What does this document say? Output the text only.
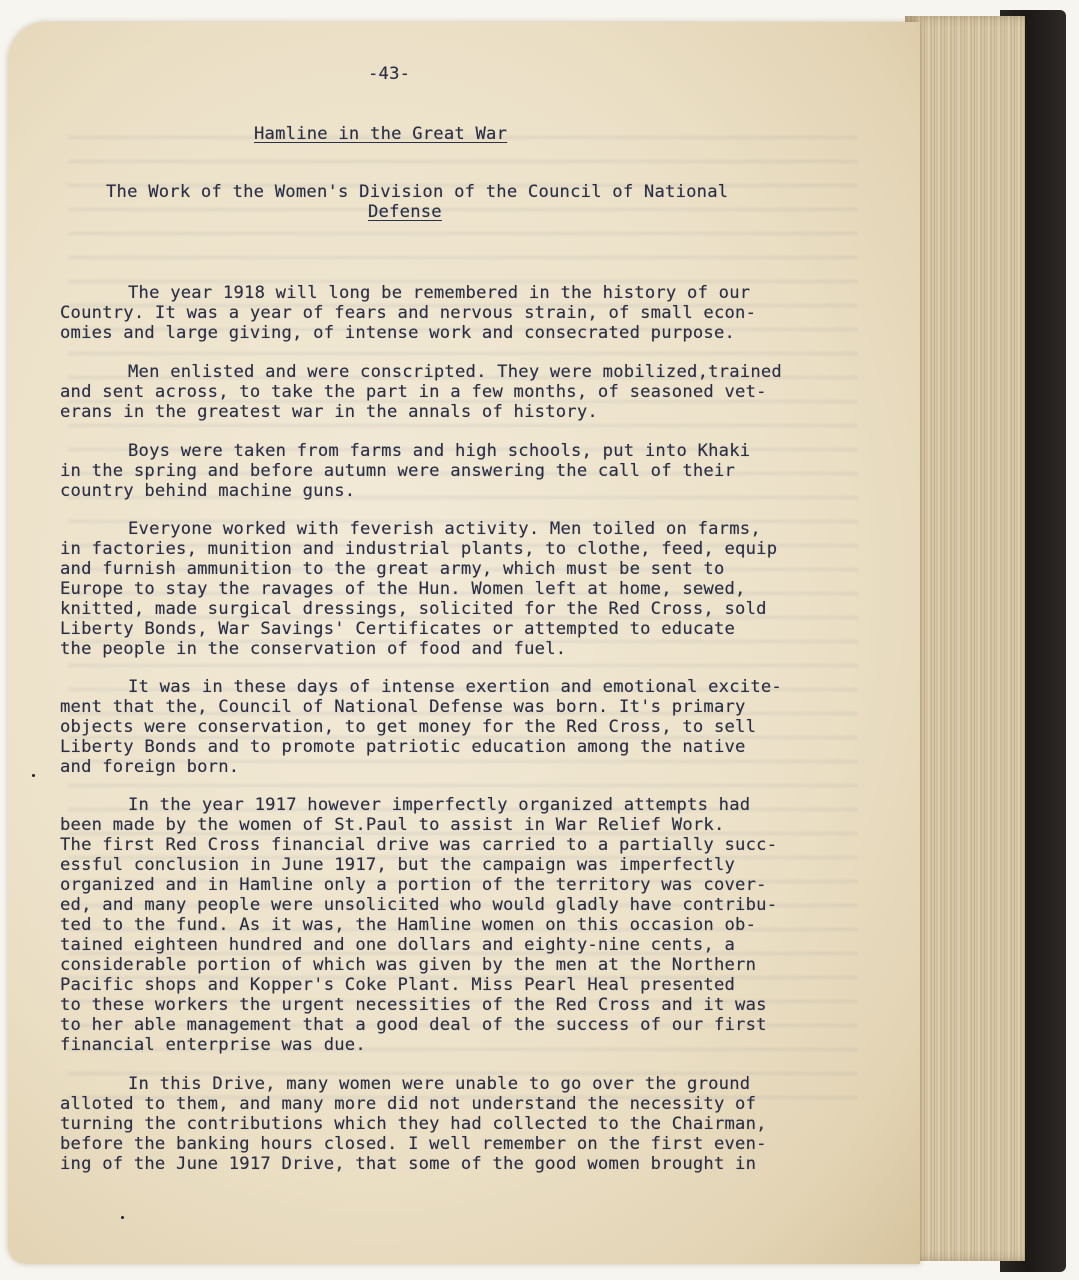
-43-
Hamline in the Great War
The Work of the Women's Division of the Council of National
Defense
The year 1918 will long be remembered in the history of our
Country. It was a year of fears and nervous strain, of small econ-
omies and large giving, of intense work and consecrated purpose.
Men enlisted and were conscripted. They were mobilized,trained
and sent across, to take the part in a few months, of seasoned vet-
erans in the greatest war in the annals of history.
Boys were taken from farms and high schools, put into Khaki
in the spring and before autumn were answering the call of their
country behind machine guns.
Everyone worked with feverish activity. Men toiled on farms,
in factories, munition and industrial plants, to clothe, feed, equip
and furnish ammunition to the great army, which must be sent to
Europe to stay the ravages of the Hun. Women left at home, sewed,
knitted, made surgical dressings, solicited for the Red Cross, sold
Liberty Bonds, War Savings' Certificates or attempted to educate
the people in the conservation of food and fuel.
It was in these days of intense exertion and emotional excite-
ment that the, Council of National Defense was born. It's primary
objects were conservation, to get money for the Red Cross, to sell
Liberty Bonds and to promote patriotic education among the native
and foreign born.
In the year 1917 however imperfectly organized attempts had
been made by the women of St.Paul to assist in War Relief Work.
The first Red Cross financial drive was carried to a partially succ-
essful conclusion in June 1917, but the campaign was imperfectly
organized and in Hamline only a portion of the territory was cover-
ed, and many people were unsolicited who would gladly have contribu-
ted to the fund. As it was, the Hamline women on this occasion ob-
tained eighteen hundred and one dollars and eighty-nine cents, a
considerable portion of which was given by the men at the Northern
Pacific shops and Kopper's Coke Plant. Miss Pearl Heal presented
to these workers the urgent necessities of the Red Cross and it was
to her able management that a good deal of the success of our first
financial enterprise was due.
In this Drive, many women were unable to go over the ground
alloted to them, and many more did not understand the necessity of
turning the contributions which they had collected to the Chairman,
before the banking hours closed. I well remember on the first even-
ing of the June 1917 Drive, that some of the good women brought in
